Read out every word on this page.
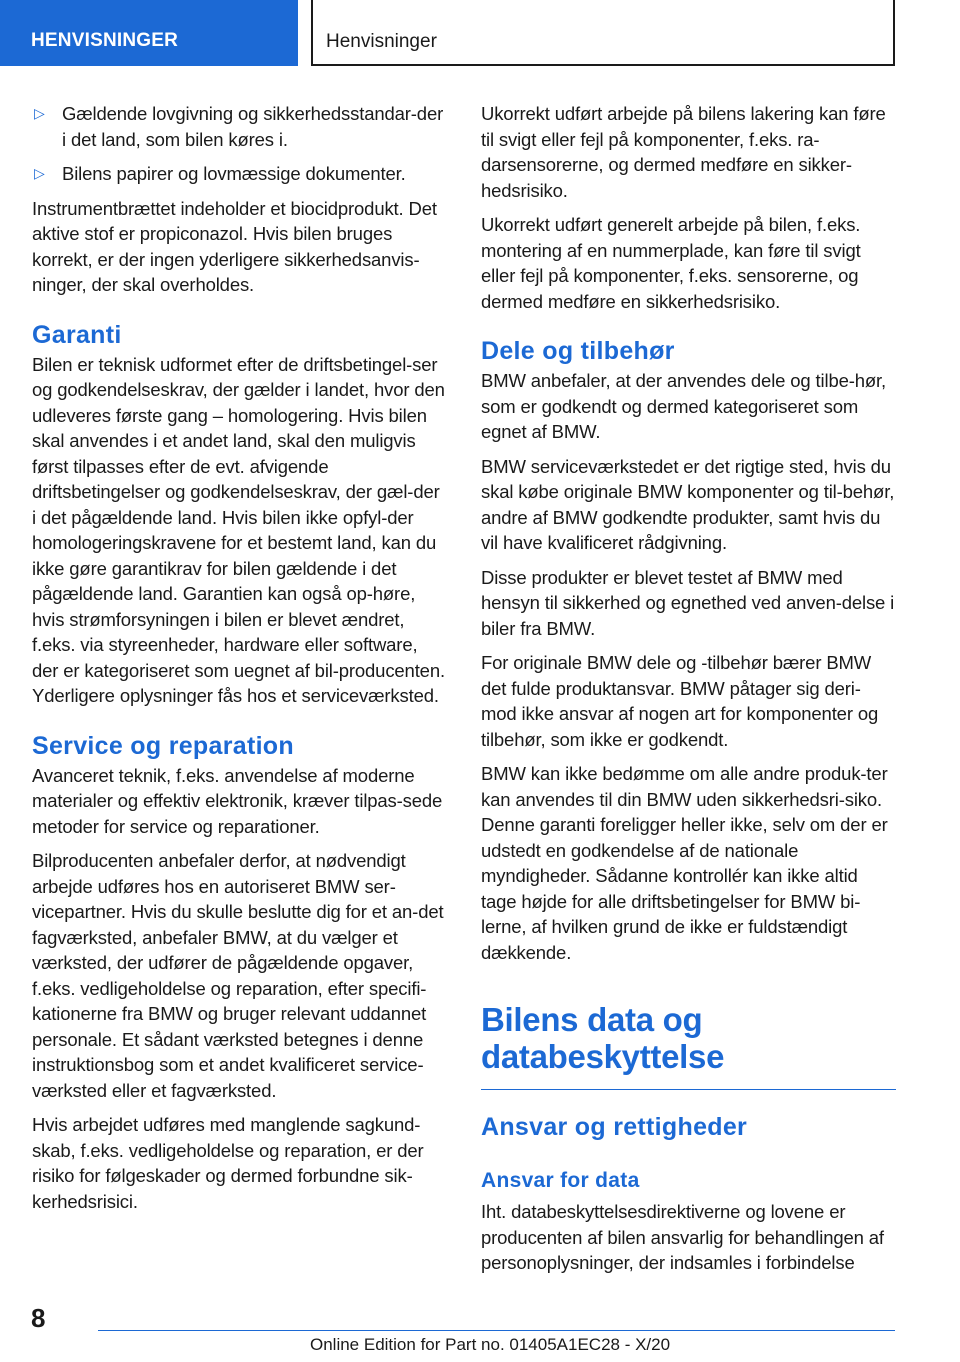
HENVISNINGER	Henvisninger
▷ Gældende lovgivning og sikkerhedsstandar-der i det land, som bilen køres i.
▷ Bilens papirer og lovmæssige dokumenter.

Instrumentbrættet indeholder et biocidprodukt. Det aktive stof er propiconazol. Hvis bilen bruges korrekt, er der ingen yderligere sikkerhedsanvis-ninger, der skal overholdes.

Garanti

Bilen er teknisk udformet efter de driftsbetingel-ser og godkendelseskrav, der gælder i landet, hvor den udleveres første gang – homologering. Hvis bilen skal anvendes i et andet land, skal den muligvis først tilpasses efter de evt. afvigende driftsbetingelser og godkendelseskrav, der gæl-der i det pågældende land. Hvis bilen ikke opfyl-der homologeringskravene for et bestemt land, kan du ikke gøre garantikrav for bilen gældende i det pågældende land. Garantien kan også op-høre, hvis strømforsyningen i bilen er blevet ændret, f.eks. via styreenheder, hardware eller software, der er kategoriseret som uegnet af bil-producenten. Yderligere oplysninger fås hos et serviceværksted.

Service og reparation

Avanceret teknik, f.eks. anvendelse af moderne materialer og effektiv elektronik, kræver tilpas-sede metoder for service og reparationer.

Bilproducenten anbefaler derfor, at nødvendigt arbejde udføres hos en autoriseret BMW ser-vicepartner. Hvis du skulle beslutte dig for et an-det fagværksted, anbefaler BMW, at du vælger et værksted, der udfører de pågældende opgaver, f.eks. vedligeholdelse og reparation, efter specifi-kationerne fra BMW og bruger relevant uddannet personale. Et sådant værksted betegnes i denne instruktionsbog som et andet kvalificeret service-værksted eller et fagværksted.

Hvis arbejdet udføres med manglende sagkund-skab, f.eks. vedligeholdelse og reparation, er der risiko for følgeskader og dermed forbundne sik-kerhedsrisici.

Ukorrekt udført arbejde på bilens lakering kan føre til svigt eller fejl på komponenter, f.eks. ra-darsensorerne, og dermed medføre en sikker-hedsrisiko.

Ukorrekt udført generelt arbejde på bilen, f.eks. montering af en nummerplade, kan føre til svigt eller fejl på komponenter, f.eks. sensorerne, og dermed medføre en sikkerhedsrisiko.

Dele og tilbehør

BMW anbefaler, at der anvendes dele og tilbe-hør, som er godkendt og dermed kategoriseret som egnet af BMW.

BMW serviceværkstedet er det rigtige sted, hvis du skal købe originale BMW komponenter og til-behør, andre af BMW godkendte produkter, samt hvis du vil have kvalificeret rådgivning.

Disse produkter er blevet testet af BMW med hensyn til sikkerhed og egnethed ved anven-delse i biler fra BMW.

For originale BMW dele og -tilbehør bærer BMW det fulde produktansvar. BMW påtager sig deri-mod ikke ansvar af nogen art for komponenter og tilbehør, som ikke er godkendt.

BMW kan ikke bedømme om alle andre produk-ter kan anvendes til din BMW uden sikkerhedsri-siko. Denne garanti foreligger heller ikke, selv om der er udstedt en godkendelse af de nationale myndigheder. Sådanne kontrollér kan ikke altid tage højde for alle driftsbetingelser for BMW bi-lerne, af hvilken grund de ikke er fuldstændigt dækkende.

Bilens data og databeskyttelse
Ansvar og rettigheder
Ansvar for data

Iht. databeskyttelsesdirektiverne og lovene er producenten af bilen ansvarlig for behandlingen af personoplysninger, der indsamles i forbindelse

8
Online Edition for Part no. 01405A1EC28 - X/20
